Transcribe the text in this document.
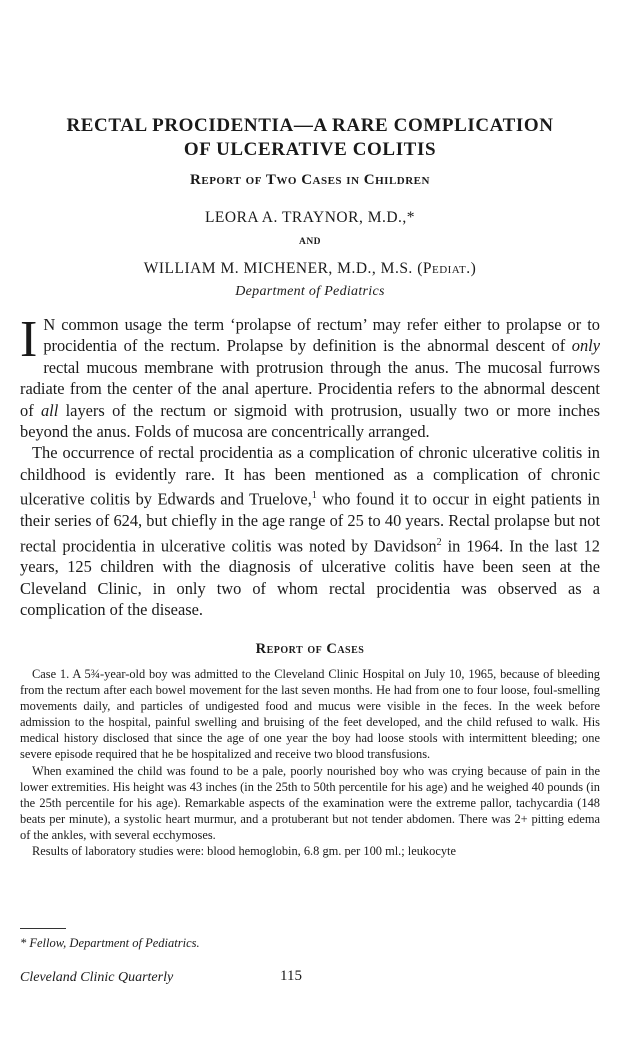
RECTAL PROCIDENTIA—A RARE COMPLICATION
OF ULCERATIVE COLITIS
Report of Two Cases in Children
LEORA A. TRAYNOR, M.D.,*
AND
WILLIAM M. MICHENER, M.D., M.S. (Pediat.)
Department of Pediatrics

I N common usage the term ‘prolapse of rectum’ may refer either to prolapse or to procidentia of the rectum. Prolapse by definition is the abnormal descent of only rectal mucous membrane with protrusion through the anus. The mucosal furrows radiate from the center of the anal aperture. Procidentia refers to the abnormal descent of all layers of the rectum or sigmoid with protrusion, usually two or more inches beyond the anus. Folds of mucosa are concentrically arranged.

The occurrence of rectal procidentia as a complication of chronic ulcerative colitis in childhood is evidently rare. It has been mentioned as a complication of chronic ulcerative colitis by Edwards and Truelove,$^1$ who found it to occur in eight patients in their series of 624, but chiefly in the age range of 25 to 40 years. Rectal prolapse but not rectal procidentia in ulcerative colitis was noted by Davidson$^2$ in 1964. In the last 12 years, 125 children with the diagnosis of ulcerative colitis have been seen at the Cleveland Clinic, in only two of whom rectal procidentia was observed as a complication of the disease.

Report of Cases

Case 1. A 5¾-year-old boy was admitted to the Cleveland Clinic Hospital on July 10, 1965, because of bleeding from the rectum after each bowel movement for the last seven months. He had from one to four loose, foul-smelling movements daily, and particles of undigested food and mucus were visible in the feces. In the week before admission to the hospital, painful swelling and bruising of the feet developed, and the child refused to walk. His medical history disclosed that since the age of one year the boy had loose stools with intermittent bleeding; one severe episode required that he be hospitalized and receive two blood transfusions.

When examined the child was found to be a pale, poorly nourished boy who was crying because of pain in the lower extremities. His height was 43 inches (in the 25th to 50th percentile for his age) and he weighed 40 pounds (in the 25th percentile for his age). Remarkable aspects of the examination were the extreme pallor, tachycardia (148 beats per minute), a systolic heart murmur, and a protuberant but not tender abdomen. There was 2+ pitting edema of the ankles, with several ecchymoses.

Results of laboratory studies were: blood hemoglobin, 6.8 gm. per 100 ml.; leukocyte

* Fellow, Department of Pediatrics.
Cleveland Clinic Quarterly	115
